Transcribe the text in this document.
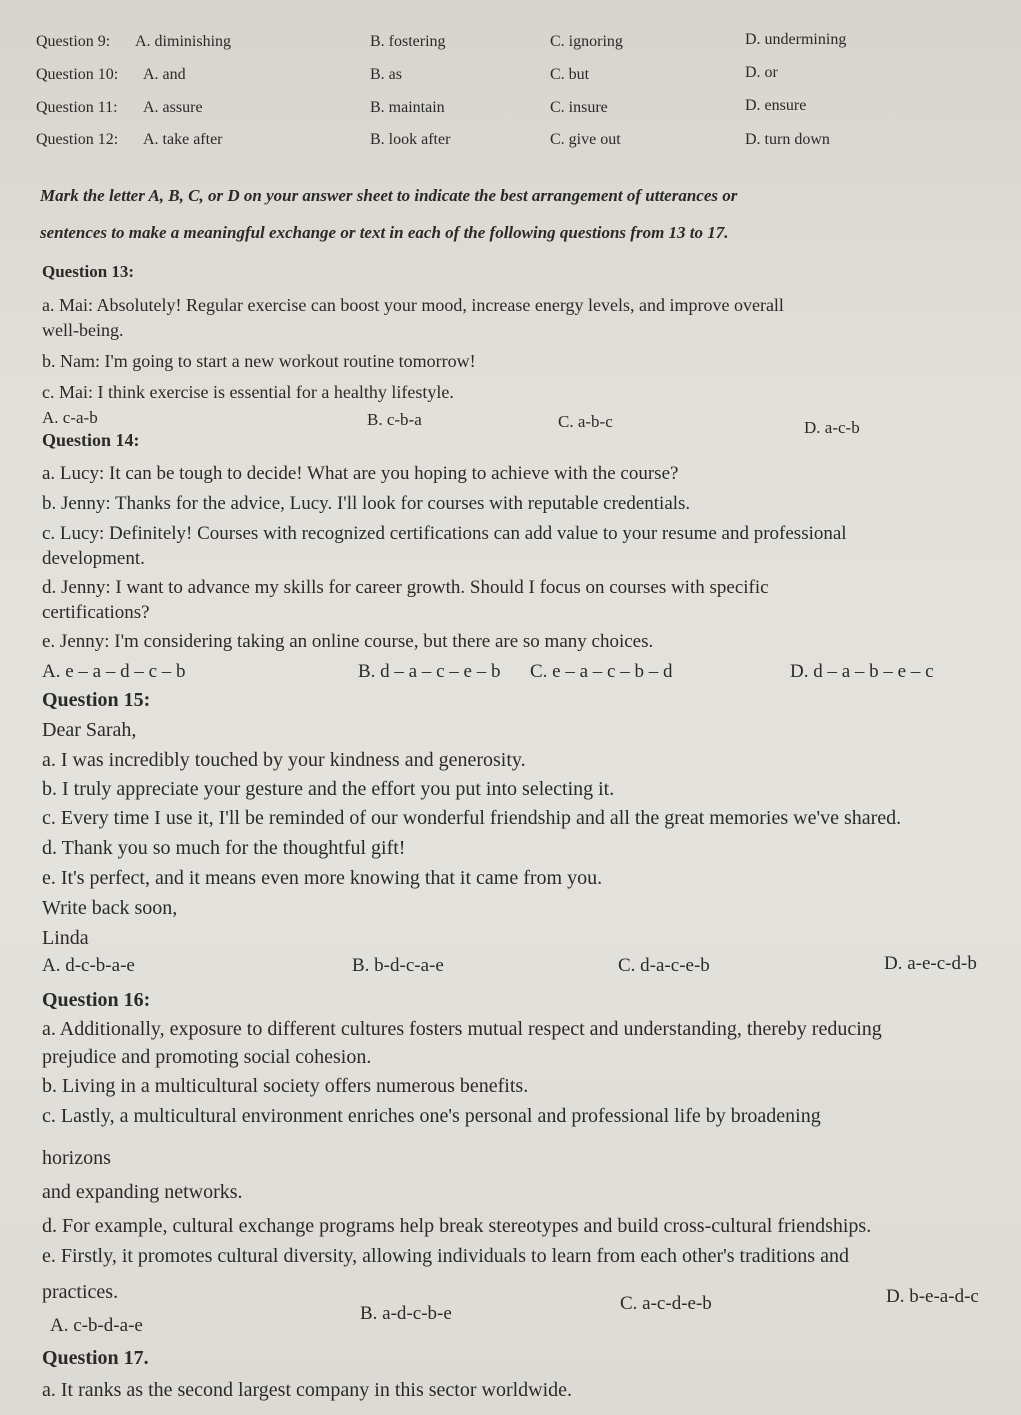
Question 9: A. diminishing	B. fostering	C. ignoring	D. undermining
Question 10: A. and	B. as	C. but	D. or
Question 11: A. assure	B. maintain	C. insure	D. ensure
Question 12: A. take after	B. look after	C. give out	D. turn down
Mark the letter A, B, C, or D on your answer sheet to indicate the best arrangement of utterances or
sentences to make a meaningful exchange or text in each of the following questions from 13 to 17.
Question 13:
a. Mai: Absolutely! Regular exercise can boost your mood, increase energy levels, and improve overall
well-being.
b. Nam: I'm going to start a new workout routine tomorrow!
c. Mai: I think exercise is essential for a healthy lifestyle.
A. c-a-b	B. c-b-a	C. a-b-c	D. a-c-b
Question 14:
a. Lucy: It can be tough to decide! What are you hoping to achieve with the course?
b. Jenny: Thanks for the advice, Lucy. I'll look for courses with reputable credentials.
c. Lucy: Definitely! Courses with recognized certifications can add value to your resume and professional
development.
d. Jenny: I want to advance my skills for career growth. Should I focus on courses with specific
certifications?
e. Jenny: I'm considering taking an online course, but there are so many choices.
A. e – a – d – c – b	B. d – a – c – e – b C. e – a – c – b – d	D. d – a – b – e – c
Question 15:
Dear Sarah,
a. I was incredibly touched by your kindness and generosity.
b. I truly appreciate your gesture and the effort you put into selecting it.
c. Every time I use it, I'll be reminded of our wonderful friendship and all the great memories we've shared.
d. Thank you so much for the thoughtful gift!
e. It's perfect, and it means even more knowing that it came from you.
Write back soon,
Linda
A. d-c-b-a-e	B. b-d-c-a-e	C. d-a-c-e-b	D. a-e-c-d-b
Question 16:
a. Additionally, exposure to different cultures fosters mutual respect and understanding, thereby reducing
prejudice and promoting social cohesion.
b. Living in a multicultural society offers numerous benefits.
c. Lastly, a multicultural environment enriches one's personal and professional life by broadening
horizons
and expanding networks.
d. For example, cultural exchange programs help break stereotypes and build cross-cultural friendships.
e. Firstly, it promotes cultural diversity, allowing individuals to learn from each other's traditions and
practices.
A. c-b-d-a-e
B. a-d-c-b-e	C. a-c-d-e-b	D. b-e-a-d-c
Question 17.
a. It ranks as the second largest company in this sector worldwide.
